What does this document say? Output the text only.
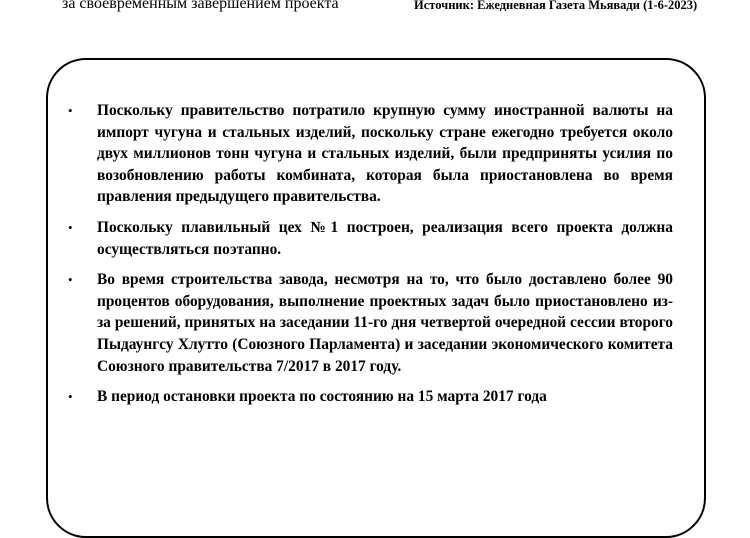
за своевременным завершением проекта	Источник: Ежедневная Газета Мьявади (1-6-2023)
• Поскольку правительство потратило крупную сумму иностранной валюты на импорт чугуна и стальных изделий, поскольку стране ежегодно требуется около двух миллионов тонн чугуна и стальных изделий, были предприняты усилия по возобновлению работы комбината, которая была приостановлена во время правления предыдущего правительства.
• Поскольку плавильный цех №1 построен, реализация всего проекта должна осуществляться поэтапно.
• Во время строительства завода, несмотря на то, что было доставлено более 90 процентов оборудования, выполнение проектных задач было приостановлено из-за решений, принятых на заседании 11-го дня четвертой очередной сессии второго Пыдаунгсу Хлутто (Союзного Парламента) и заседании экономического комитета Союзного правительства 7/2017 в 2017 году.
• В период остановки проекта по состоянию на 15 марта 2017 года
